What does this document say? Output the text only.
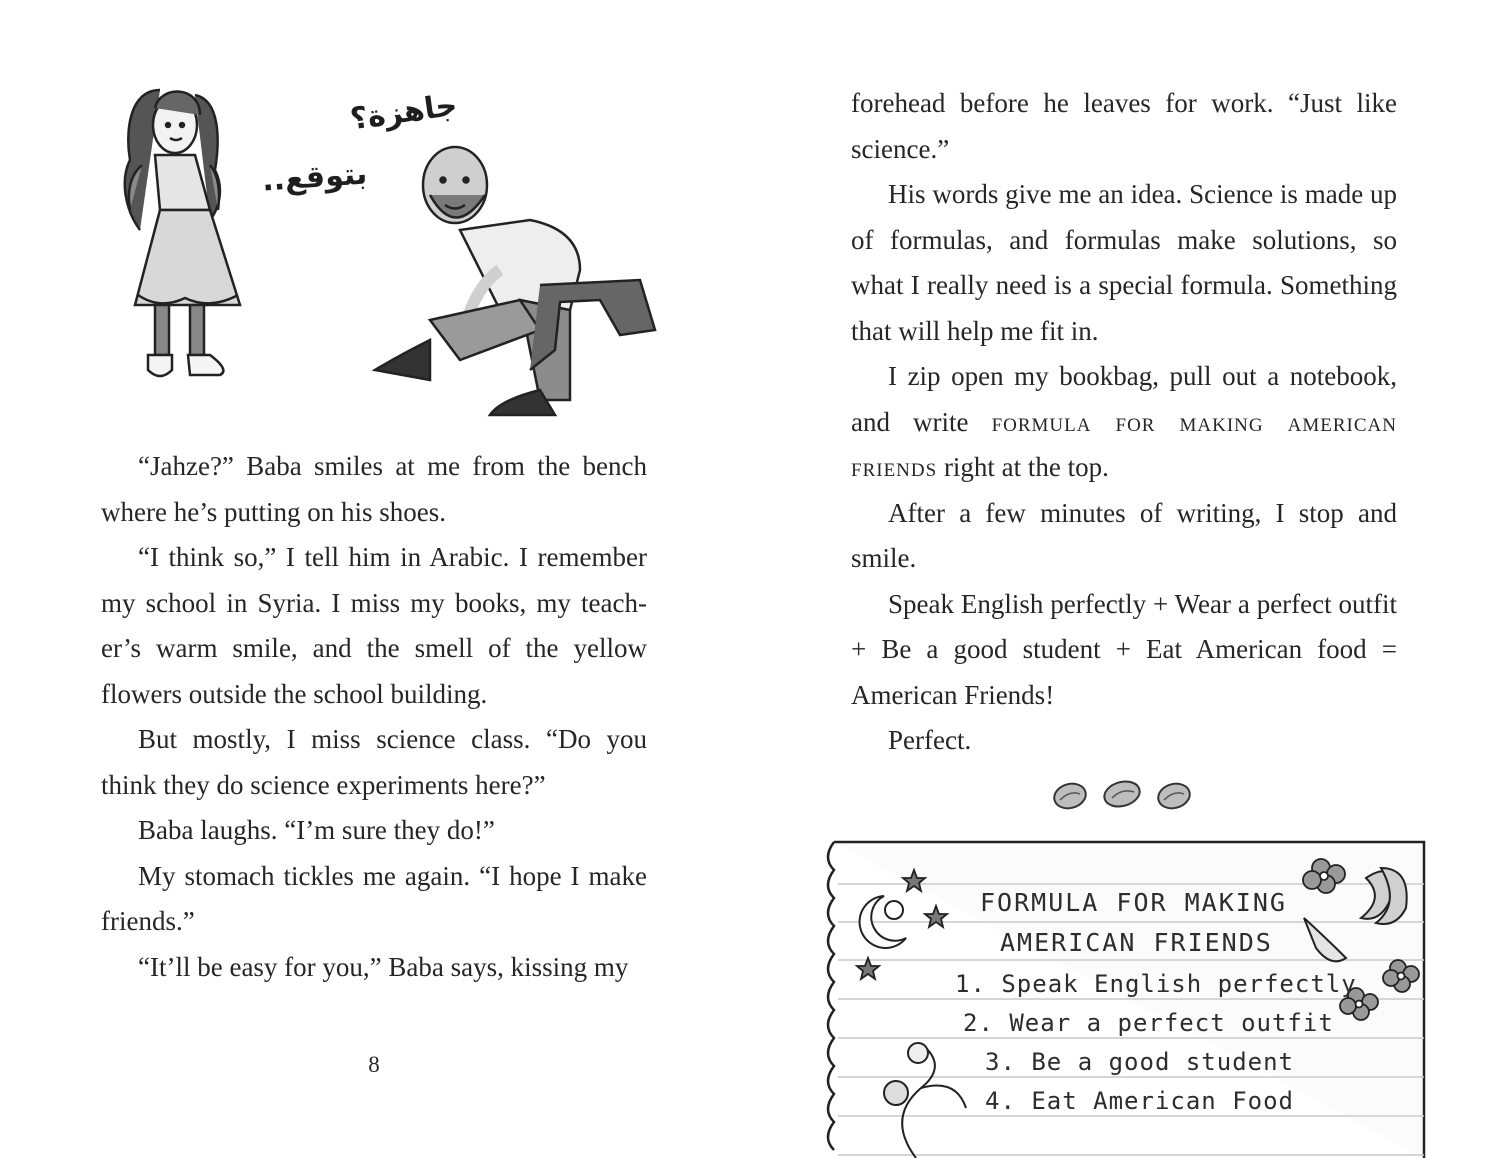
جاهزة؟
بتوقع..

“Jahze?” Baba smiles at me from the bench where he’s putting on his shoes.

“I think so,” I tell him in Arabic. I remember my school in Syria. I miss my books, my teach-er’s warm smile, and the smell of the yellow flowers outside the school building.

But mostly, I miss science class. “Do you think they do science experiments here?”

Baba laughs. “I’m sure they do!”

My stomach tickles me again. “I hope I make friends.”

“It’ll be easy for you,” Baba says, kissing my

8

forehead before he leaves for work. “Just like science.”

His words give me an idea. Science is made up of formulas, and formulas make solutions, so what I really need is a special formula. Something that will help me fit in.

I zip open my bookbag, pull out a notebook, and write formula for making american friends right at the top.

After a few minutes of writing, I stop and smile.

Speak English perfectly + Wear a perfect outfit + Be a good student + Eat American food = American Friends!

Perfect.

FORMULA FOR MAKING
AMERICAN FRIENDS
1. Speak English perfectly
2. Wear a perfect outfit
3. Be a good student
4. Eat American Food
